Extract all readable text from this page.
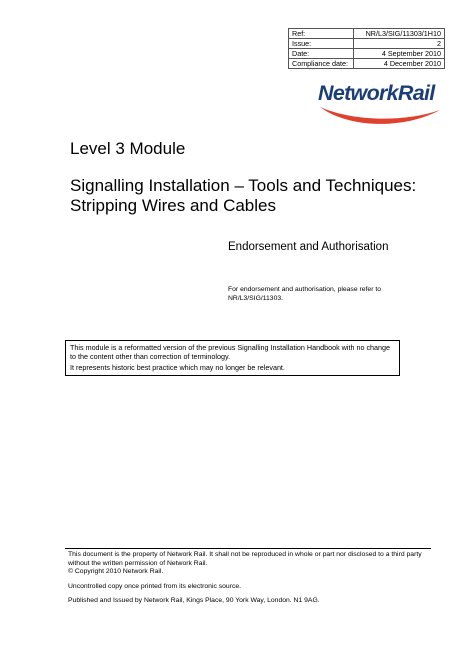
Ref:	NR/L3/SIG/11303/1H10
Issue:	2
Date:	4 September 2010
Compliance date:	4 December 2010
NetworkRail
Level 3 Module
Signalling Installation – Tools and Techniques: Stripping Wires and Cables
Endorsement and Authorisation
For endorsement and authorisation, please refer to NR/L3/SIG/11303.

This module is a reformatted version of the previous Signalling Installation Handbook with no change to the content other than correction of terminology.

It represents historic best practice which may no longer be relevant.

This document is the property of Network Rail. It shall not be reproduced in whole or part nor disclosed to a third party without the written permission of Network Rail.

© Copyright 2010 Network Rail.

Uncontrolled copy once printed from its electronic source.

Published and Issued by Network Rail, Kings Place, 90 York Way, London. N1 9AG.
